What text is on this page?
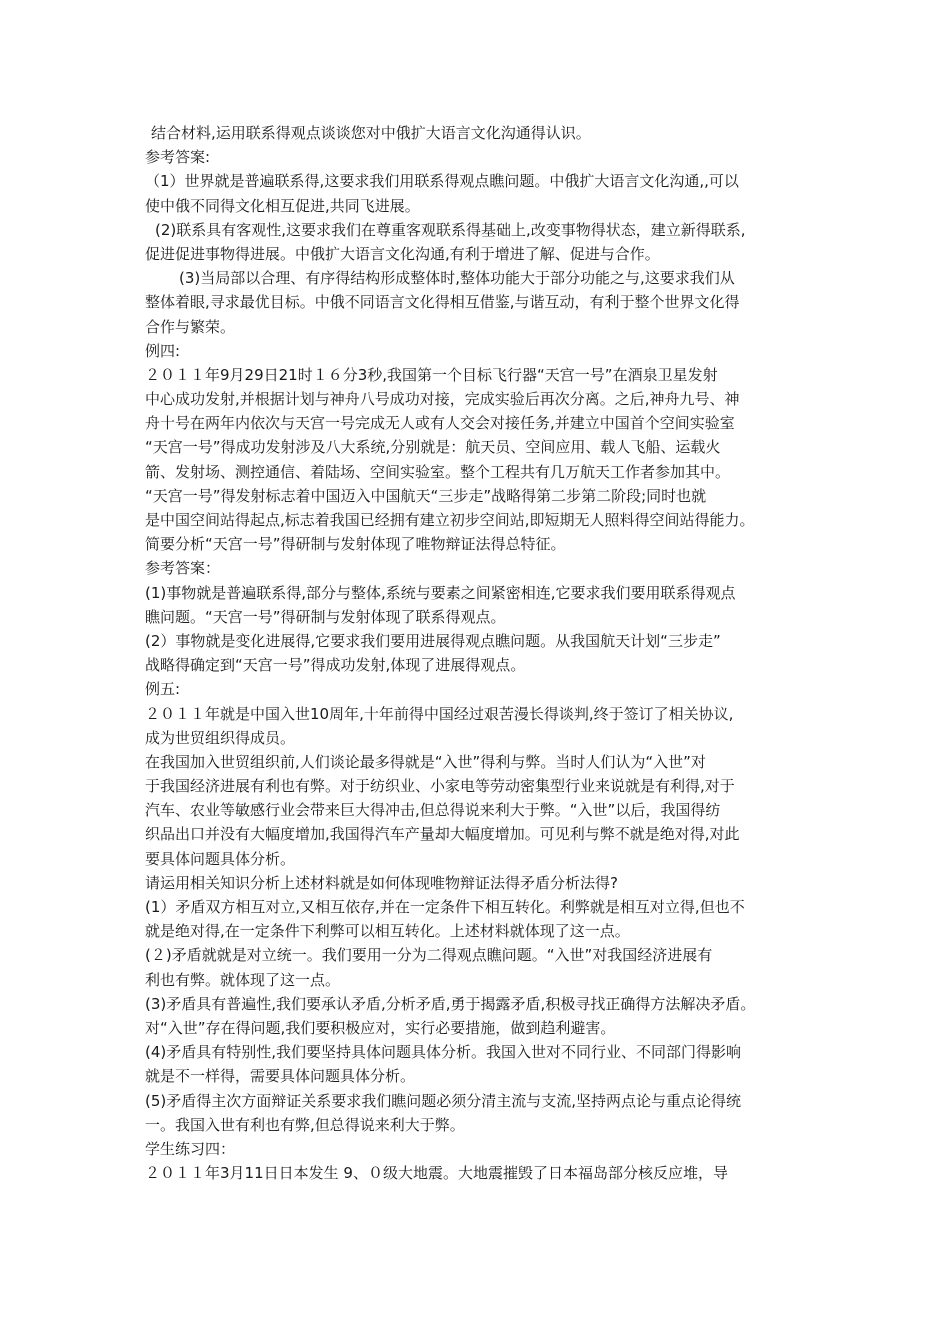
结合材料,运用联系得观点谈谈您对中俄扩大语言文化沟通得认识。
参考答案:
（1）世界就是普遍联系得,这要求我们用联系得观点瞧问题。中俄扩大语言文化沟通,,可以
使中俄不同得文化相互促进,共同飞进展。
(2)联系具有客观性,这要求我们在尊重客观联系得基础上,改变事物得状态，建立新得联系,
促进促进事物得进展。中俄扩大语言文化沟通,有利于增进了解、促进与合作。
(3)当局部以合理、有序得结构形成整体时,整体功能大于部分功能之与,这要求我们从
整体着眼,寻求最优目标。中俄不同语言文化得相互借鉴,与谐互动，有利于整个世界文化得
合作与繁荣。
例四:
２０１１年9月29日21时１６分3秒,我国第一个目标飞行器“天宫一号”在酒泉卫星发射
中心成功发射,并根据计划与神舟八号成功对接，完成实验后再次分离。之后,神舟九号、神
舟十号在两年内依次与天宫一号完成无人或有人交会对接任务,并建立中国首个空间实验室
“天宫一号”得成功发射涉及八大系统,分别就是：航天员、空间应用、载人飞船、运载火
箭、发射场、测控通信、着陆场、空间实验室。整个工程共有几万航天工作者参加其中。
“天宫一号”得发射标志着中国迈入中国航天“三步走”战略得第二步第二阶段;同时也就
是中国空间站得起点,标志着我国已经拥有建立初步空间站,即短期无人照料得空间站得能力。
简要分析“天宫一号”得研制与发射体现了唯物辩证法得总特征。
参考答案：
(1)事物就是普遍联系得,部分与整体,系统与要素之间紧密相连,它要求我们要用联系得观点
瞧问题。“天宫一号”得研制与发射体现了联系得观点。
(2）事物就是变化进展得,它要求我们要用进展得观点瞧问题。从我国航天计划“三步走”
战略得确定到“天宫一号”得成功发射,体现了进展得观点。
例五:
２０１１年就是中国入世10周年,十年前得中国经过艰苦漫长得谈判,终于签订了相关协议,
成为世贸组织得成员。
在我国加入世贸组织前,人们谈论最多得就是“入世”得利与弊。当时人们认为“入世”对
于我国经济进展有利也有弊。对于纺织业、小家电等劳动密集型行业来说就是有利得,对于
汽车、农业等敏感行业会带来巨大得冲击,但总得说来利大于弊。“入世”以后，我国得纺
织品出口并没有大幅度增加,我国得汽车产量却大幅度增加。可见利与弊不就是绝对得,对此
要具体问题具体分析。
请运用相关知识分析上述材料就是如何体现唯物辩证法得矛盾分析法得?
(1）矛盾双方相互对立,又相互依存,并在一定条件下相互转化。利弊就是相互对立得,但也不
就是绝对得,在一定条件下利弊可以相互转化。上述材料就体现了这一点。
(２)矛盾就就是对立统一。我们要用一分为二得观点瞧问题。“入世”对我国经济进展有
利也有弊。就体现了这一点。
(3)矛盾具有普遍性,我们要承认矛盾,分析矛盾,勇于揭露矛盾,积极寻找正确得方法解决矛盾。
对“入世”存在得问题,我们要积极应对，实行必要措施，做到趋利避害。
(4)矛盾具有特别性,我们要坚持具体问题具体分析。我国入世对不同行业、不同部门得影响
就是不一样得，需要具体问题具体分析。
(5)矛盾得主次方面辩证关系要求我们瞧问题必须分清主流与支流,坚持两点论与重点论得统
一。我国入世有利也有弊,但总得说来利大于弊。
学生练习四：
２０１１年3月11日日本发生 9、０级大地震。大地震摧毁了日本福岛部分核反应堆，导
